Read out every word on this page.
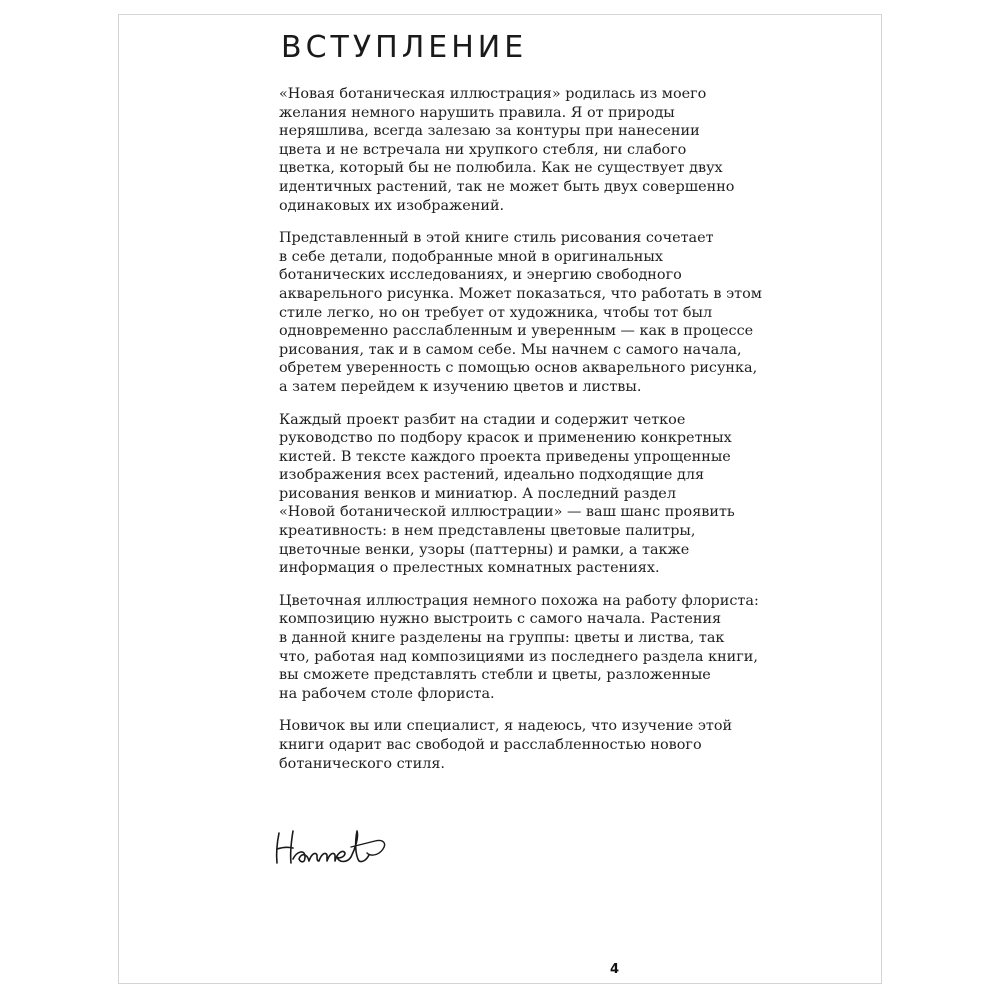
ВСТУПЛЕНИЕ

«Новая ботаническая иллюстрация» родилась из моего
желания немного нарушить правила. Я от природы
неряшлива, всегда залезаю за контуры при нанесении
цвета и не встречала ни хрупкого стебля, ни слабого
цветка, который бы не полюбила. Как не существует двух
идентичных растений, так не может быть двух совершенно
одинаковых их изображений.

Представленный в этой книге стиль рисования сочетает
в себе детали, подобранные мной в оригинальных
ботанических исследованиях, и энергию свободного
акварельного рисунка. Может показаться, что работать в этом
стиле легко, но он требует от художника, чтобы тот был
одновременно расслабленным и уверенным — как в процессе
рисования, так и в самом себе. Мы начнем с самого начала,
обретем уверенность с помощью основ акварельного рисунка,
а затем перейдем к изучению цветов и листвы.

Каждый проект разбит на стадии и содержит четкое
руководство по подбору красок и применению конкретных
кистей. В тексте каждого проекта приведены упрощенные
изображения всех растений, идеально подходящие для
рисования венков и миниатюр. А последний раздел
«Новой ботанической иллюстрации» — ваш шанс проявить
креативность: в нем представлены цветовые палитры,
цветочные венки, узоры (паттерны) и рамки, а также
информация о прелестных комнатных растениях.

Цветочная иллюстрация немного похожа на работу флориста:
композицию нужно выстроить с самого начала. Растения
в данной книге разделены на группы: цветы и листва, так
что, работая над композициями из последнего раздела книги,
вы сможете представлять стебли и цветы, разложенные
на рабочем столе флориста.

Новичок вы или специалист, я надеюсь, что изучение этой
книги одарит вас свободой и расслабленностью нового
ботанического стиля.

4
